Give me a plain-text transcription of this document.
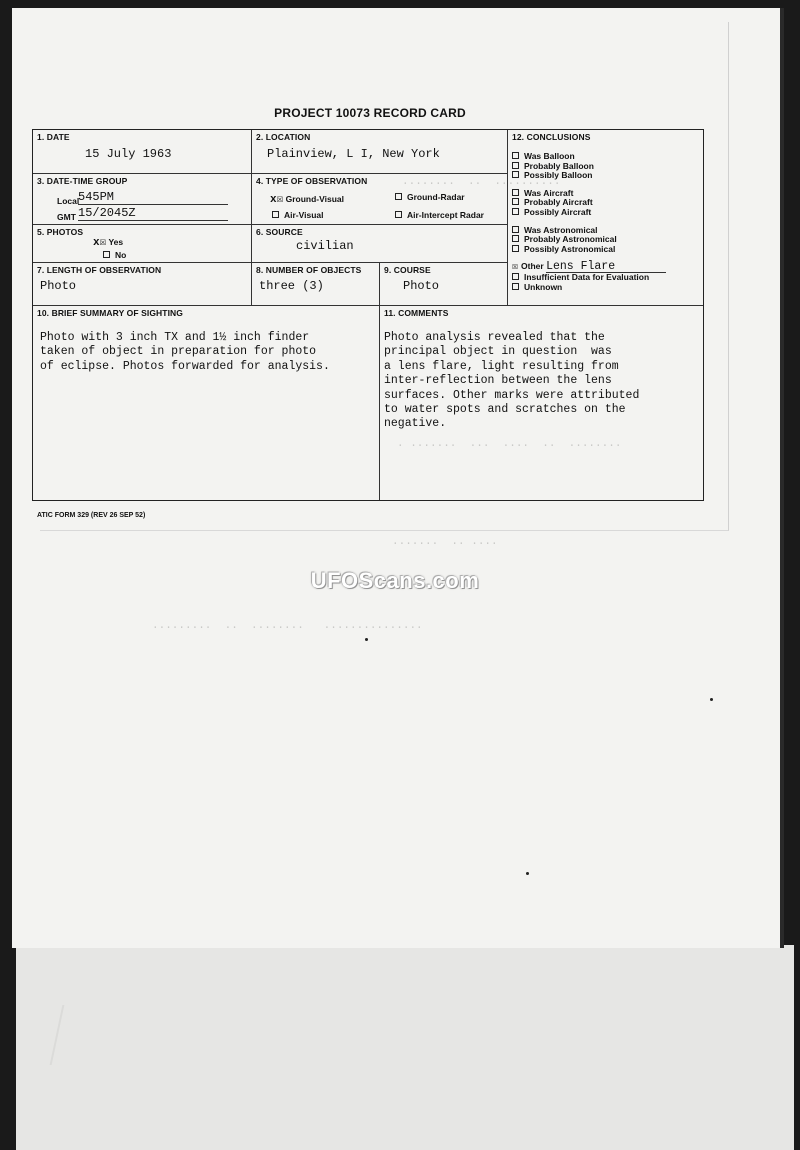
........  ..  ..........
. .......  ...  ....  ..  ........
.......  .. ....
.........  ..  ........   ...............
PROJECT 10073 RECORD CARD
1. DATE
15 July 1963
2. LOCATION
Plainview, L I, New York
3. DATE-TIME GROUP
Local
545PM
GMT 15/2045Z
4. TYPE OF OBSERVATION
x☒ Ground-Visual	Ground-Radar
Air-Visual	Air-Intercept Radar
5. PHOTOS
x☒ Yes
No
6. SOURCE
civilian
7. LENGTH OF OBSERVATION
Photo
8. NUMBER OF OBJECTS
three (3)
9. COURSE
Photo
12. CONCLUSIONS
Was Balloon
Probably Balloon
Possibly Balloon
Was Aircraft
Probably Aircraft
Possibly Aircraft
Was Astronomical
Probably Astronomical
Possibly Astronomical
☒ Other Lens Flare
Insufficient Data for Evaluation
Unknown
10. BRIEF SUMMARY OF SIGHTING
Photo with 3 inch TX and 1½ inch finder
taken of object in preparation for photo
of eclipse. Photos forwarded for analysis.
11. COMMENTS
Photo analysis revealed that the
principal object in question  was
a lens flare, light resulting from
inter-reflection between the lens
surfaces. Other marks were attributed
to water spots and scratches on the
negative.
ATIC FORM 329 (REV 26 SEP 52)
UFOScans.com
